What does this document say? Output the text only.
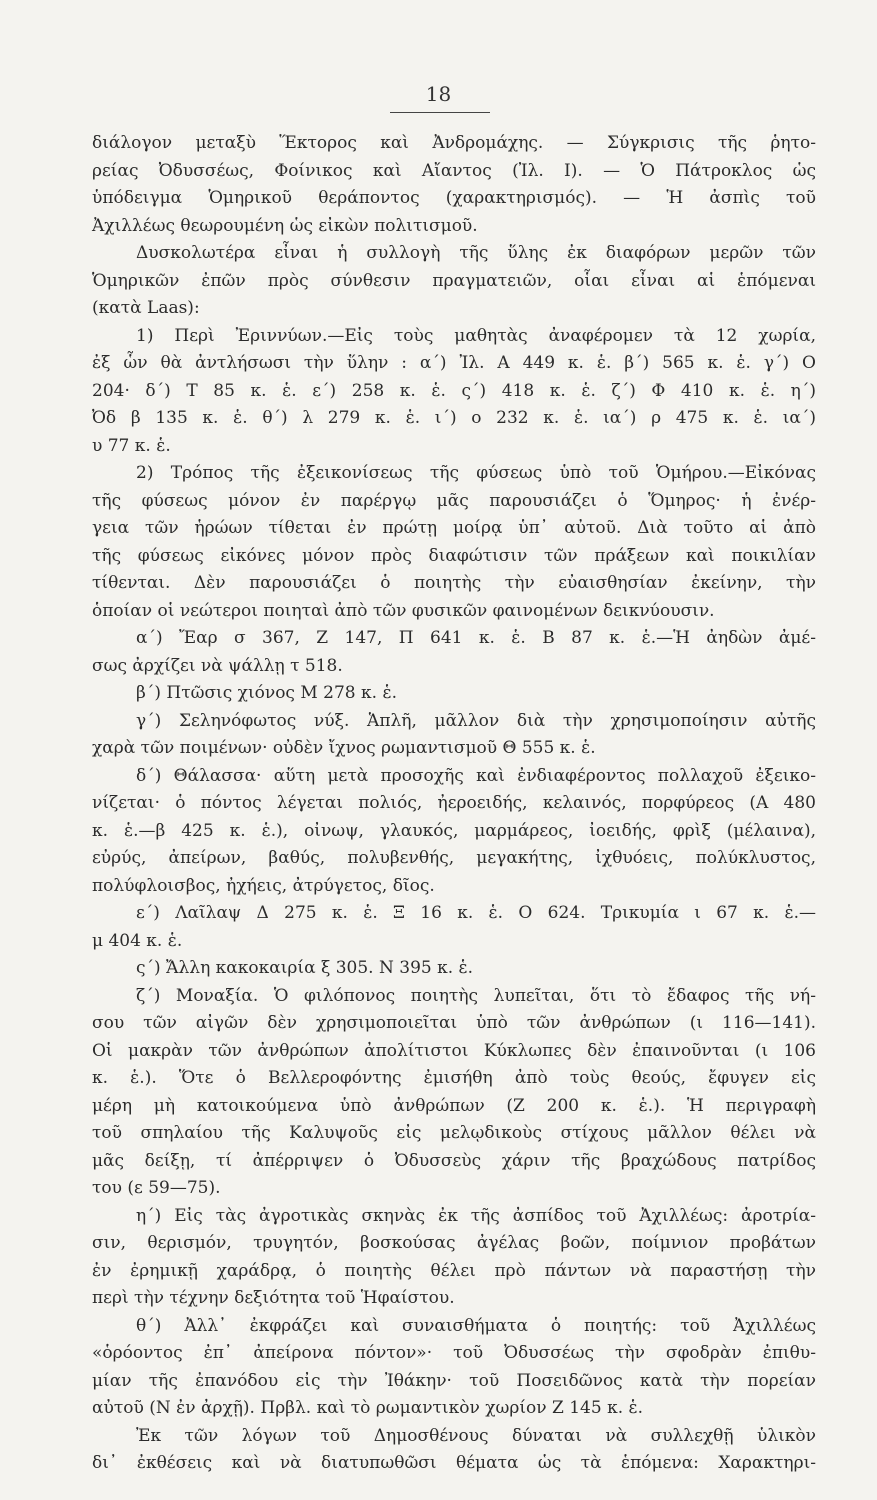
18
διάλογον μεταξὺ Ἕκτορος καὶ Ἀνδρομάχης. — Σύγκρισις τῆς ῥητο-
ρείας Ὀδυσσέως, Φοίνικος καὶ Αἴαντος (Ἰλ. Ι). — Ὁ Πάτροκλος ὡς
ὑπόδειγμα Ὁμηρικοῦ θεράποντος (χαρακτηρισμός). — Ἡ ἀσπὶς τοῦ
Ἀχιλλέως θεωρουμένη ὡς εἰκὼν πολιτισμοῦ.
Δυσκολωτέρα εἶναι ἡ συλλογὴ τῆς ὕλης ἐκ διαφόρων μερῶν τῶν
Ὁμηρικῶν ἐπῶν πρὸς σύνθεσιν πραγματειῶν, οἷαι εἶναι αἱ ἑπόμεναι
(κατὰ Laas):
1) Περὶ Ἐριννύων.—Εἰς τοὺς μαθητὰς ἀναφέρομεν τὰ 12 χωρία,
ἐξ ὧν θὰ ἀντλήσωσι τὴν ὕλην : α΄) Ἰλ. Α 449 κ. ἑ. β΄) 565 κ. ἑ. γ΄) Ο
204· δ΄) Τ 85 κ. ἑ. ε΄) 258 κ. ἑ. ς΄) 418 κ. ἑ. ζ΄) Φ 410 κ. ἑ. η΄)
Ὀδ β 135 κ. ἑ. θ΄) λ 279 κ. ἑ. ι΄) ο 232 κ. ἑ. ια΄) ρ 475 κ. ἑ. ια΄)
υ 77 κ. ἑ.
2) Τρόπος τῆς ἐξεικονίσεως τῆς φύσεως ὑπὸ τοῦ Ὁμήρου.—Εἰκόνας
τῆς φύσεως μόνον ἐν παρέργῳ μᾶς παρουσιάζει ὁ Ὅμηρος· ἡ ἐνέρ-
γεια τῶν ἡρώων τίθεται ἐν πρώτῃ μοίρᾳ ὑπ᾽ αὐτοῦ. Διὰ τοῦτο αἱ ἀπὸ
τῆς φύσεως εἰκόνες μόνον πρὸς διαφώτισιν τῶν πράξεων καὶ ποικιλίαν
τίθενται. Δὲν παρουσιάζει ὁ ποιητὴς τὴν εὐαισθησίαν ἐκείνην, τὴν
ὁποίαν οἱ νεώτεροι ποιηταὶ ἀπὸ τῶν φυσικῶν φαινομένων δεικνύουσιν.
α΄) Ἔαρ σ 367, Ζ 147, Π 641 κ. ἑ. Β 87 κ. ἑ.—Ἡ ἀηδὼν ἀμέ-
σως ἀρχίζει νὰ ψάλλῃ τ 518.
β΄) Πτῶσις χιόνος Μ 278 κ. ἑ.
γ΄) Σεληνόφωτος νύξ. Ἁπλῆ, μᾶλλον διὰ τὴν χρησιμοποίησιν αὐτῆς
χαρὰ τῶν ποιμένων· οὐδὲν ἴχνος ρωμαντισμοῦ Θ 555 κ. ἑ.
δ΄) Θάλασσα· αὕτη μετὰ προσοχῆς καὶ ἐνδιαφέροντος πολλαχοῦ ἐξεικο-
νίζεται· ὁ πόντος λέγεται πολιός, ἠεροειδής, κελαινός, πορφύρεος (Α 480
κ. ἑ.—β 425 κ. ἑ.), οἰνωψ, γλαυκός, μαρμάρεος, ἰοειδής, φρὶξ (μέλαινα),
εὐρύς, ἀπείρων, βαθύς, πολυβενθής, μεγακήτης, ἰχθυόεις, πολύκλυστος,
πολύφλοισβος, ἠχήεις, ἀτρύγετος, δῖος.
ε΄) Λαῖλαψ Δ 275 κ. ἑ. Ξ 16 κ. ἑ. Ο 624. Τρικυμία ι 67 κ. ἑ.—
μ 404 κ. ἑ.
ς΄) Ἄλλη κακοκαιρία ξ 305. Ν 395 κ. ἑ.
ζ΄) Μοναξία. Ὁ φιλόπονος ποιητὴς λυπεῖται, ὅτι τὸ ἔδαφος τῆς νή-
σου τῶν αἰγῶν δὲν χρησιμοποιεῖται ὑπὸ τῶν ἀνθρώπων (ι 116—141).
Οἱ μακρὰν τῶν ἀνθρώπων ἀπολίτιστοι Κύκλωπες δὲν ἐπαινοῦνται (ι 106
κ. ἑ.). Ὅτε ὁ Βελλεροφόντης ἐμισήθη ἀπὸ τοὺς θεούς, ἔφυγεν εἰς
μέρη μὴ κατοικούμενα ὑπὸ ἀνθρώπων (Ζ 200 κ. ἑ.). Ἡ περιγραφὴ
τοῦ σπηλαίου τῆς Καλυψοῦς εἰς μελῳδικοὺς στίχους μᾶλλον θέλει νὰ
μᾶς δείξῃ, τί ἀπέρριψεν ὁ Ὀδυσσεὺς χάριν τῆς βραχώδους πατρίδος
του (ε 59—75).
η΄) Εἰς τὰς ἀγροτικὰς σκηνὰς ἐκ τῆς ἀσπίδος τοῦ Ἀχιλλέως: ἀροτρία-
σιν, θερισμόν, τρυγητόν, βοσκούσας ἀγέλας βοῶν, ποίμνιον προβάτων
ἐν ἐρημικῇ χαράδρᾳ, ὁ ποιητὴς θέλει πρὸ πάντων νὰ παραστήσῃ τὴν
περὶ τὴν τέχνην δεξιότητα τοῦ Ἡφαίστου.
θ΄) Ἀλλ᾽ ἐκφράζει καὶ συναισθήματα ὁ ποιητής: τοῦ Ἀχιλλέως
«ὁρόοντος ἐπ᾽ ἀπείρονα πόντον»· τοῦ Ὀδυσσέως τὴν σφοδρὰν ἐπιθυ-
μίαν τῆς ἐπανόδου εἰς τὴν Ἰθάκην· τοῦ Ποσειδῶνος κατὰ τὴν πορείαν
αὐτοῦ (Ν ἐν ἀρχῇ). Πρβλ. καὶ τὸ ρωμαντικὸν χωρίον Ζ 145 κ. ἑ.
Ἐκ τῶν λόγων τοῦ Δημοσθένους δύναται νὰ συλλεχθῇ ὑλικὸν
δι᾽ ἐκθέσεις καὶ νὰ διατυπωθῶσι θέματα ὡς τὰ ἑπόμενα: Χαρακτηρι-
